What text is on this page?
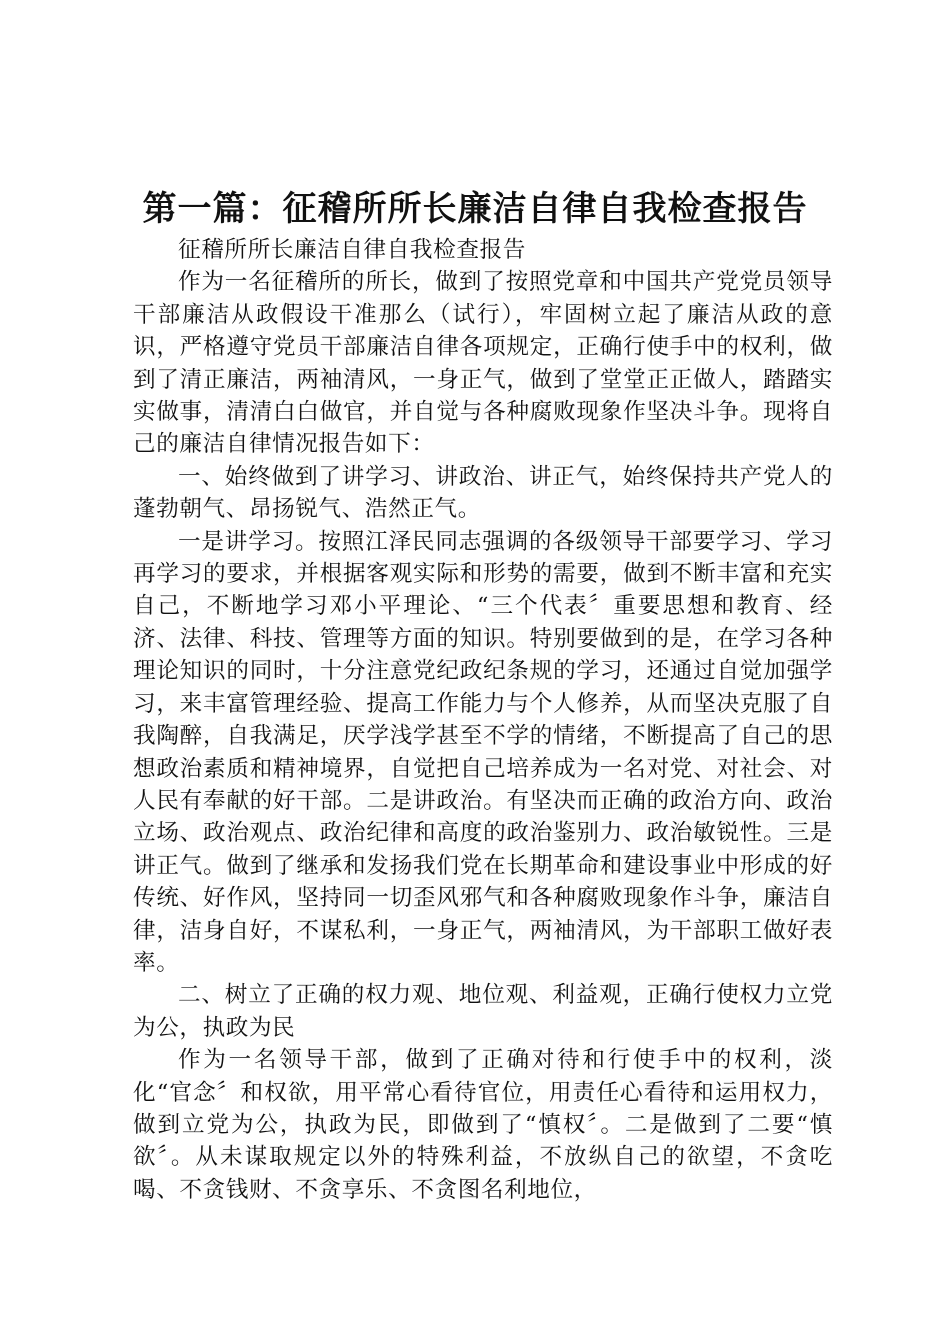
第一篇：征稽所所长廉洁自律自我检查报告

征稽所所长廉洁自律自我检查报告

作为一名征稽所的所长，做到了按照党章和中国共产党党员领导干部廉洁从政假设干准那么（试行），牢固树立起了廉洁从政的意识，严格遵守党员干部廉洁自律各项规定，正确行使手中的权利，做到了清正廉洁，两袖清风，一身正气，做到了堂堂正正做人，踏踏实实做事，清清白白做官，并自觉与各种腐败现象作坚决斗争。现将自己的廉洁自律情况报告如下：

一、始终做到了讲学习、讲政治、讲正气，始终保持共产党人的蓬勃朝气、昂扬锐气、浩然正气。

一是讲学习。按照江泽民同志强调的各级领导干部要学习、学习再学习的要求，并根据客观实际和形势的需要，做到不断丰富和充实自己，不断地学习邓小平理论、“三个代表〞重要思想和教育、经济、法律、科技、管理等方面的知识。特别要做到的是，在学习各种理论知识的同时，十分注意党纪政纪条规的学习，还通过自觉加强学习，来丰富管理经验、提高工作能力与个人修养，从而坚决克服了自我陶醉，自我满足，厌学浅学甚至不学的情绪，不断提高了自己的思想政治素质和精神境界，自觉把自己培养成为一名对党、对社会、对人民有奉献的好干部。二是讲政治。有坚决而正确的政治方向、政治立场、政治观点、政治纪律和高度的政治鉴别力、政治敏锐性。三是讲正气。做到了继承和发扬我们党在长期革命和建设事业中形成的好传统、好作风，坚持同一切歪风邪气和各种腐败现象作斗争，廉洁自律，洁身自好，不谋私利，一身正气，两袖清风，为干部职工做好表率。

二、树立了正确的权力观、地位观、利益观，正确行使权力立党为公，执政为民

作为一名领导干部，做到了正确对待和行使手中的权利，淡化“官念〞和权欲，用平常心看待官位，用责任心看待和运用权力，做到立党为公，执政为民，即做到了“慎权〞。二是做到了二要“慎欲〞。从未谋取规定以外的特殊利益，不放纵自己的欲望，不贪吃喝、不贪钱财、不贪享乐、不贪图名利地位，
